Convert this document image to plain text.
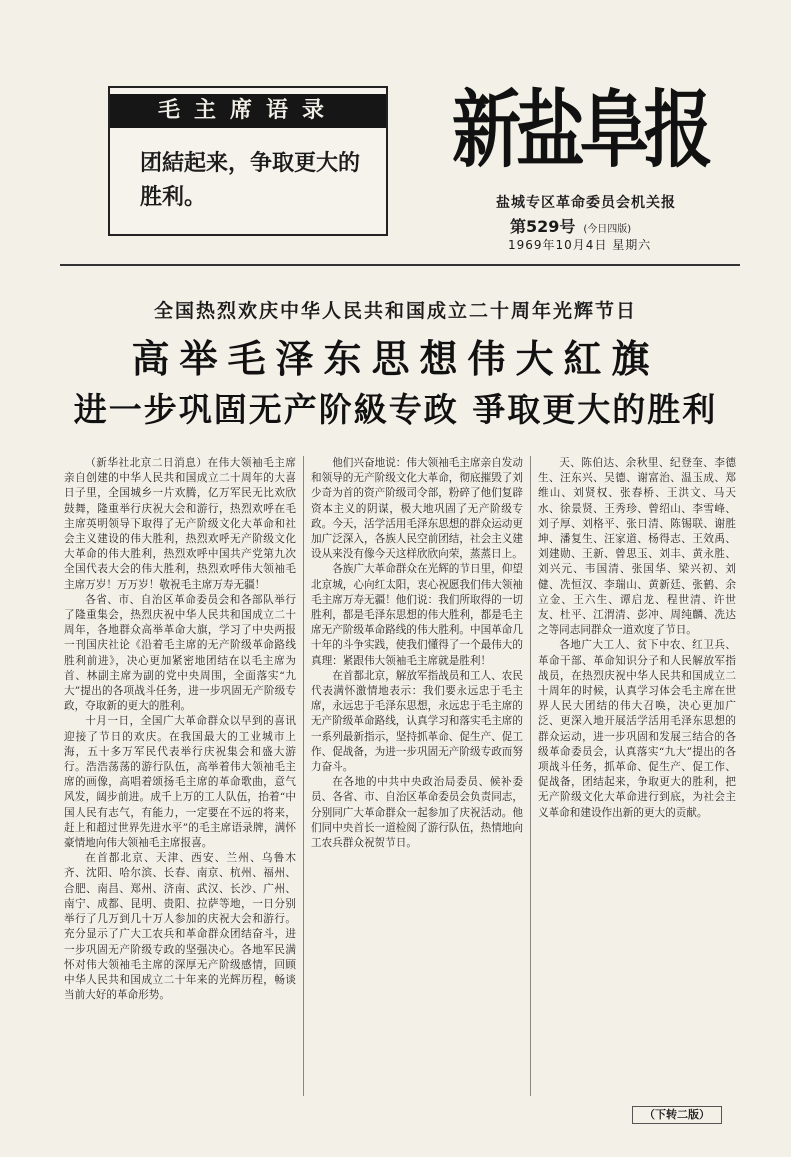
毛主席语录
团結起来，争取更大的胜利。
新盐阜报
盐城专区革命委员会机关报
第529号 (今日四版)
1969年10月4日 星期六
全国热烈欢庆中华人民共和国成立二十周年光辉节日
高举毛泽东思想伟大紅旗
进一步巩固无产阶級专政 爭取更大的胜利

（新华社北京二日消息）在伟大领袖毛主席亲自创建的中华人民共和国成立二十周年的大喜日子里，全国城乡一片欢腾，亿万军民无比欢欣鼓舞，隆重举行庆祝大会和游行，热烈欢呼在毛主席英明领导下取得了无产阶级文化大革命和社会主义建设的伟大胜利，热烈欢呼无产阶级文化大革命的伟大胜利，热烈欢呼中国共产党第九次全国代表大会的伟大胜利，热烈欢呼伟大领袖毛主席万岁！万万岁！敬祝毛主席万寿无疆！

各省、市、自治区革命委员会和各部队举行了隆重集会，热烈庆祝中华人民共和国成立二十周年，各地群众高举革命大旗，学习了中央两报一刊国庆社论《沿着毛主席的无产阶级革命路线胜利前进》，决心更加紧密地团结在以毛主席为首、林副主席为副的党中央周围，全面落实“九大”提出的各项战斗任务，进一步巩固无产阶级专政，夺取新的更大的胜利。

十月一日，全国广大革命群众以早到的喜讯迎接了节日的欢庆。在我国最大的工业城市上海，五十多万军民代表举行庆祝集会和盛大游行。浩浩荡荡的游行队伍，高举着伟大领袖毛主席的画像，高唱着颂扬毛主席的革命歌曲，意气风发，阔步前进。成千上万的工人队伍，抬着“中国人民有志气，有能力，一定要在不远的将来，赶上和超过世界先进水平”的毛主席语录牌，满怀豪情地向伟大领袖毛主席报喜。

在首都北京、天津、西安、兰州、乌鲁木齐、沈阳、哈尔滨、长春、南京、杭州、福州、合肥、南昌、郑州、济南、武汉、长沙、广州、南宁、成都、昆明、贵阳、拉萨等地，一日分别举行了几万到几十万人参加的庆祝大会和游行。充分显示了广大工农兵和革命群众团结奋斗，进一步巩固无产阶级专政的坚强决心。各地军民满怀对伟大领袖毛主席的深厚无产阶级感情，回顾中华人民共和国成立二十年来的光辉历程，畅谈当前大好的革命形势。

他们兴奋地说：伟大领袖毛主席亲自发动和领导的无产阶级文化大革命，彻底摧毁了刘少奇为首的资产阶级司令部，粉碎了他们复辟资本主义的阴谋，极大地巩固了无产阶级专政。今天，活学活用毛泽东思想的群众运动更加广泛深入，各族人民空前团结，社会主义建设从来没有像今天这样欣欣向荣，蒸蒸日上。

各族广大革命群众在光辉的节日里，仰望北京城，心向红太阳，衷心祝愿我们伟大领袖毛主席万寿无疆！他们说：我们所取得的一切胜利，都是毛泽东思想的伟大胜利，都是毛主席无产阶级革命路线的伟大胜利。中国革命几十年的斗争实践，使我们懂得了一个最伟大的真理：紧跟伟大领袖毛主席就是胜利！

在首都北京，解放军指战员和工人、农民代表满怀激情地表示：我们要永远忠于毛主席，永远忠于毛泽东思想，永远忠于毛主席的无产阶级革命路线，认真学习和落实毛主席的一系列最新指示，坚持抓革命、促生产、促工作、促战备，为进一步巩固无产阶级专政而努力奋斗。

在各地的中共中央政治局委员、候补委员、各省、市、自治区革命委员会负责同志，分别同广大革命群众一起参加了庆祝活动。他们同中央首长一道检阅了游行队伍，热情地向工农兵群众祝贺节日。

天、陈伯达、余秋里、纪登奎、李德生、汪东兴、吴德、谢富治、温玉成、郑维山、刘贤权、张春桥、王洪文、马天水、徐景贤、王秀珍、曾绍山、李雪峰、刘子厚、刘格平、张日清、陈锡联、谢胜坤、潘复生、汪家道、杨得志、王效禹、刘建勋、王新、曾思玉、刘丰、黄永胜、刘兴元、韦国清、张国华、梁兴初、刘健、冼恒汉、李瑞山、黄新廷、张鹤、余立金、王六生、谭启龙、程世清、许世友、杜平、江渭清、彭冲、周纯麟、冼达之等同志同群众一道欢度了节日。

各地广大工人、贫下中农、红卫兵、革命干部、革命知识分子和人民解放军指战员，在热烈庆祝中华人民共和国成立二十周年的时候，认真学习体会毛主席在世界人民大团结的伟大召唤，决心更加广泛、更深入地开展活学活用毛泽东思想的群众运动，进一步巩固和发展三结合的各级革命委员会，认真落实“九大”提出的各项战斗任务，抓革命、促生产、促工作、促战备，团结起来，争取更大的胜利，把无产阶级文化大革命进行到底，为社会主义革命和建设作出新的更大的贡献。

（下转二版）
